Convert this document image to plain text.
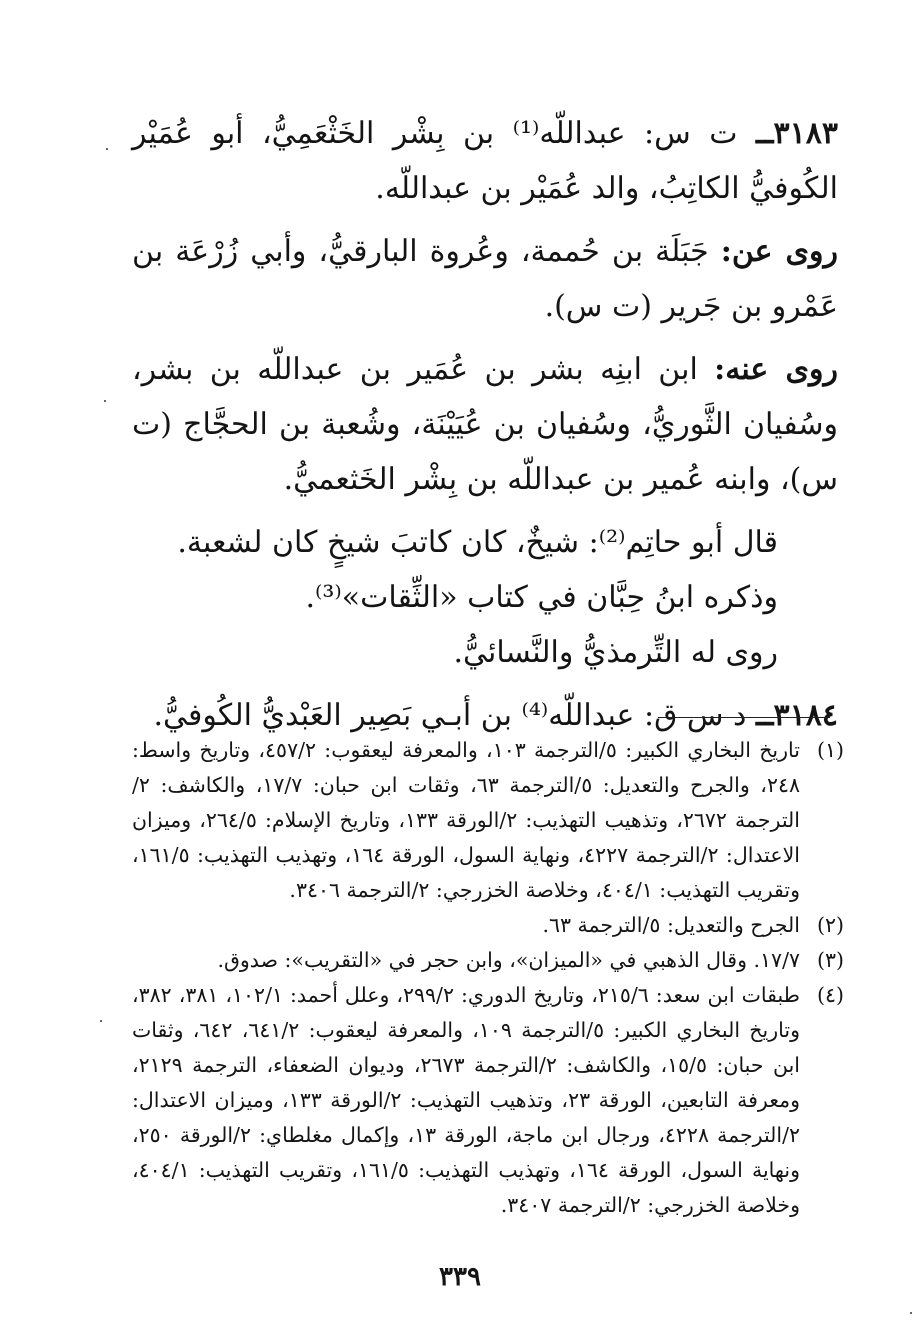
٣١٨٣ــ ت س: عبداللّه⁽¹⁾ بن بِشْر الخَثْعَمِيُّ، أبو عُمَيْر الكُوفيُّ الكاتِبُ، والد عُمَيْر بن عبداللّه.

روى عن: جَبَلَة بن حُممة، وعُروة البارقيُّ، وأبي زُرْعَة بن عَمْرو بن جَرير (ت س).

روى عنه: ابن ابنِه بشر بن عُمَير بن عبداللّه بن بشر، وسُفيان الثَّوريُّ، وسُفيان بن عُيَيْنَة، وشُعبة بن الحجَّاج (ت س)، وابنه عُمير بن عبداللّه بن بِشْر الخَثعميُّ.

قال أبو حاتِم⁽²⁾: شيخٌ، كان كاتبَ شيخٍ كان لشعبة.

وذكره ابنُ حِبَّان في كتاب «الثِّقات»⁽³⁾.

روى له التِّرمذيُّ والنَّسائيُّ.

٣١٨٤ــ د س ق: عبداللّه⁽⁴⁾ بن أبـي بَصِير العَبْديُّ الكُوفيُّ.

(١)
تاريخ البخاري الكبير: ٥/الترجمة ١٠٣، والمعرفة ليعقوب: ٤٥٧/٢، وتاريخ واسط: ٢٤٨، والجرح والتعديل: ٥/الترجمة ٦٣، وثقات ابن حبان: ١٧/٧، والكاشف: ٢/الترجمة ٢٦٧٢، وتذهيب التهذيب: ٢/الورقة ١٣٣، وتاريخ الإسلام: ٢٦٤/٥، وميزان الاعتدال: ٢/الترجمة ٤٢٢٧، ونهاية السول، الورقة ١٦٤، وتهذيب التهذيب: ١٦١/٥، وتقريب التهذيب: ٤٠٤/١، وخلاصة الخزرجي: ٢/الترجمة ٣٤٠٦.
(٢)
الجرح والتعديل: ٥/الترجمة ٦٣.
(٣)
١٧/٧. وقال الذهبي في «الميزان»، وابن حجر في «التقريب»: صدوق.
(٤)
طبقات ابن سعد: ٢١٥/٦، وتاريخ الدوري: ٢٩٩/٢، وعلل أحمد: ١٠٢/١، ٣٨١، ٣٨٢، وتاريخ البخاري الكبير: ٥/الترجمة ١٠٩، والمعرفة ليعقوب: ٦٤١/٢، ٦٤٢، وثقات ابن حبان: ١٥/٥، والكاشف: ٢/الترجمة ٢٦٧٣، وديوان الضعفاء، الترجمة ٢١٢٩، ومعرفة التابعين، الورقة ٢٣، وتذهيب التهذيب: ٢/الورقة ١٣٣، وميزان الاعتدال: ٢/الترجمة ٤٢٢٨، ورجال ابن ماجة، الورقة ١٣، وإكمال مغلطاي: ٢/الورقة ٢٥٠، ونهاية السول، الورقة ١٦٤، وتهذيب التهذيب: ١٦١/٥، وتقريب التهذيب: ٤٠٤/١، وخلاصة الخزرجي: ٢/الترجمة ٣٤٠٧.
٣٣٩
